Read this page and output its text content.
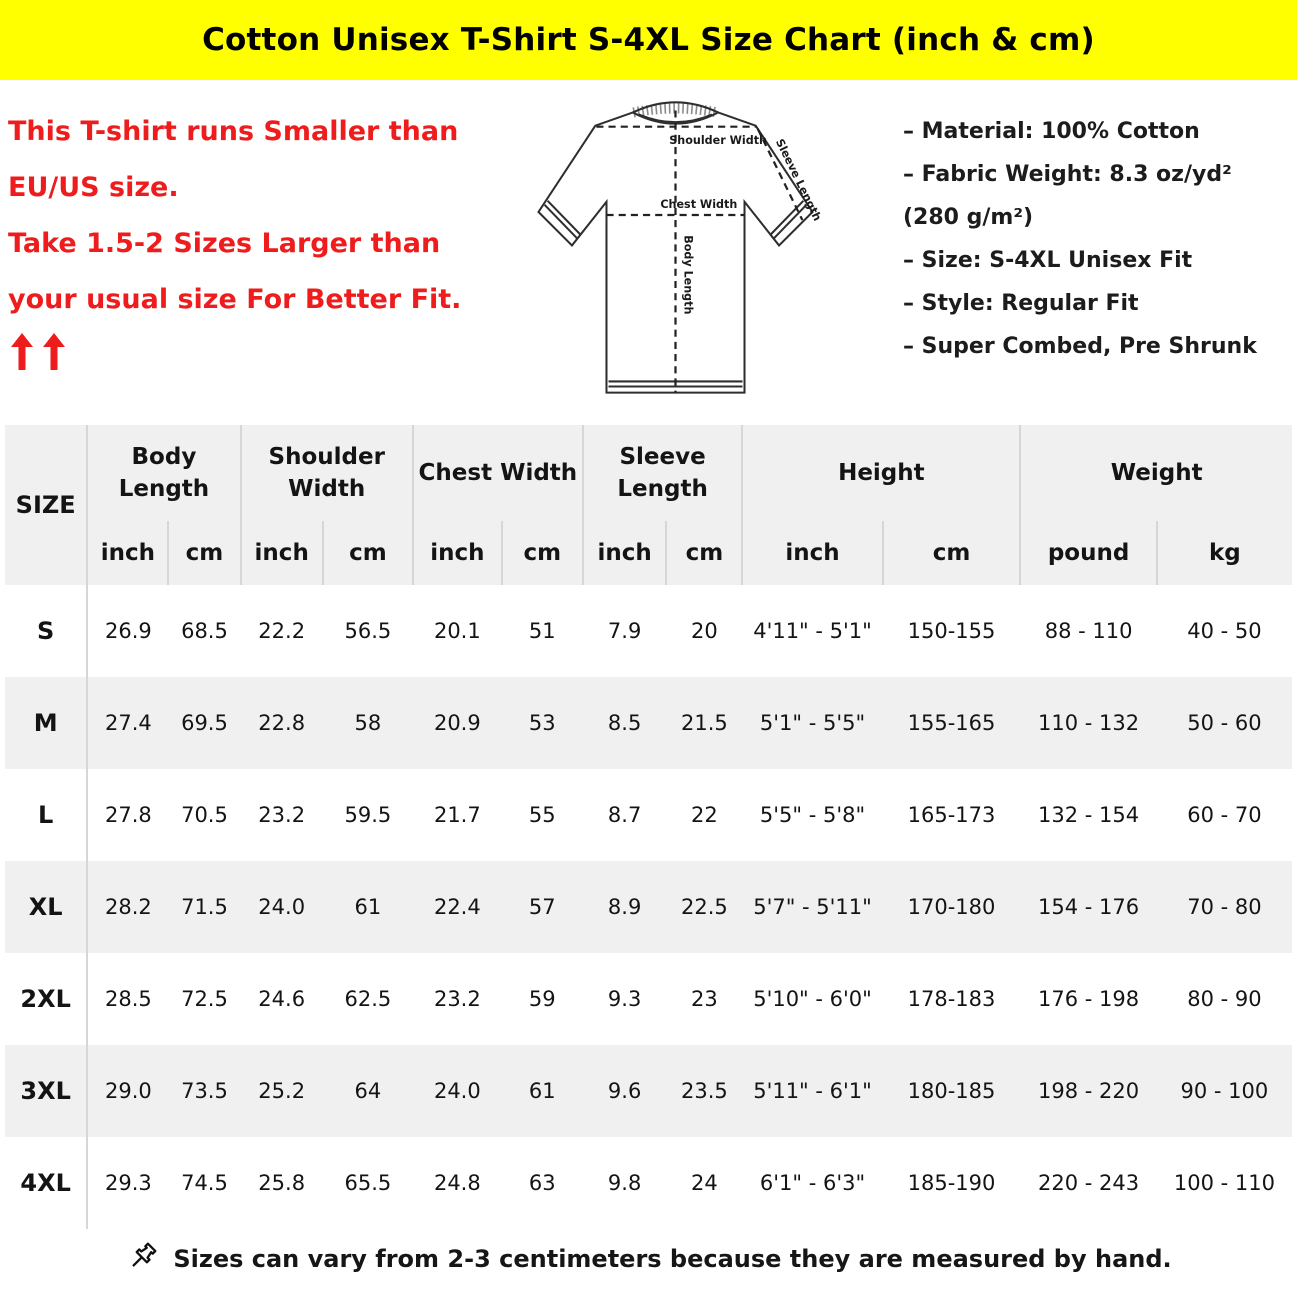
Cotton Unisex T-Shirt S-4XL Size Chart (inch & cm)
This T-shirt runs Smaller than
EU/US size.
Take 1.5-2 Sizes Larger than
your usual size For Better Fit.
Shoulder Width
Chest Width
Body Length
Sleeve Length
– Material: 100% Cotton
– Fabric Weight: 8.3 oz/yd² (280 g/m²)
– Size: S-4XL Unisex Fit
– Style: Regular Fit
– Super Combed, Pre Shrunk
SIZE	Body Length		Shoulder Width		Chest Width		Sleeve Length		Height		Weight	
	inch	cm	inch	cm	inch	cm	inch	cm	inch	cm	pound	kg
S	26.9	68.5	22.2	56.5	20.1	51	7.9	20	4'11" - 5'1"	150-155	88 - 110	40 - 50
M	27.4	69.5	22.8	58	20.9	53	8.5	21.5	5'1" - 5'5"	155-165	110 - 132	50 - 60
L	27.8	70.5	23.2	59.5	21.7	55	8.7	22	5'5" - 5'8"	165-173	132 - 154	60 - 70
XL	28.2	71.5	24.0	61	22.4	57	8.9	22.5	5'7" - 5'11"	170-180	154 - 176	70 - 80
2XL	28.5	72.5	24.6	62.5	23.2	59	9.3	23	5'10" - 6'0"	178-183	176 - 198	80 - 90
3XL	29.0	73.5	25.2	64	24.0	61	9.6	23.5	5'11" - 6'1"	180-185	198 - 220	90 - 100
4XL	29.3	74.5	25.8	65.5	24.8	63	9.8	24	6'1" - 6'3"	185-190	220 - 243	100 - 110
Sizes can vary from 2-3 centimeters because they are measured by hand.
